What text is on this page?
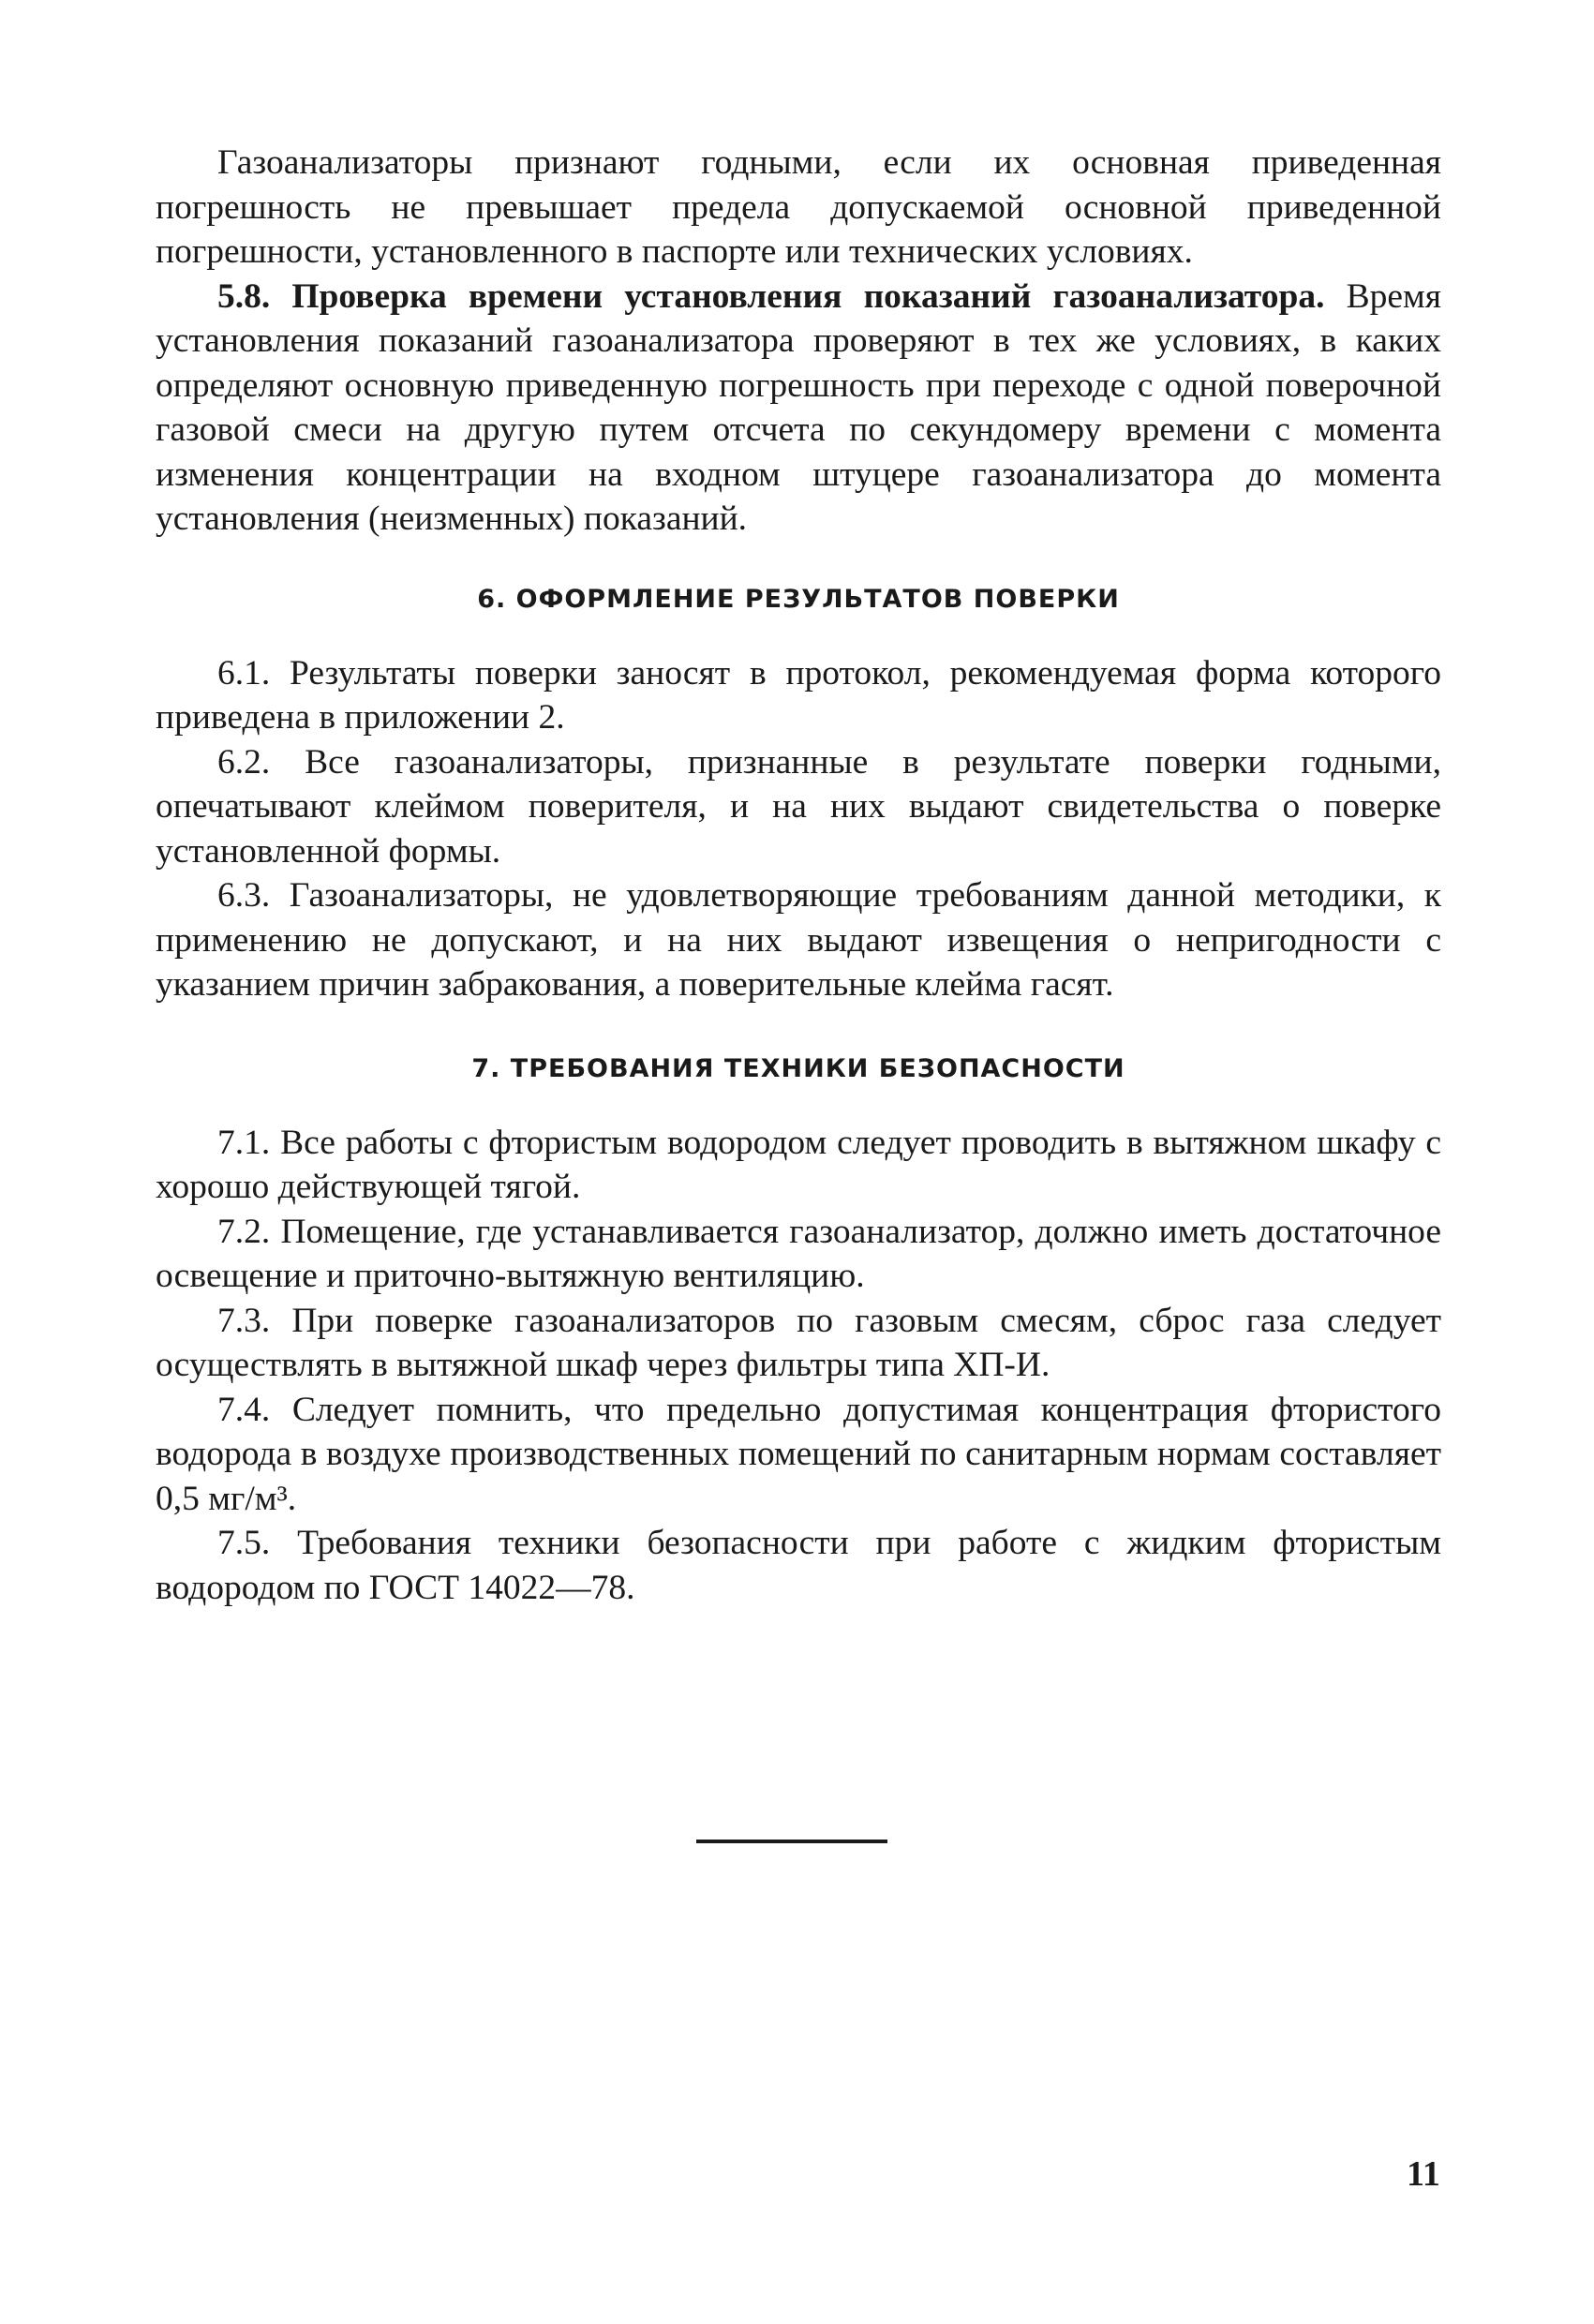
Газоанализаторы признают годными, если их основная приведенная погрешность не превышает предела допускаемой основной приведенной погрешности, установленного в паспорте или технических условиях.

5.8. Проверка времени установления показаний газоанализатора. Время установления показаний газоанализатора проверяют в тех же условиях, в каких определяют основную приведенную погрешность при переходе с одной поверочной газовой смеси на другую путем отсчета по секундомеру времени с момента изменения концентрации на входном штуцере газоанализатора до момента установления (неизменных) показаний.

6. ОФОРМЛЕНИЕ РЕЗУЛЬТАТОВ ПОВЕРКИ

6.1. Результаты поверки заносят в протокол, рекомендуемая форма которого приведена в приложении 2.

6.2. Все газоанализаторы, признанные в результате поверки годными, опечатывают клеймом поверителя, и на них выдают свидетельства о поверке установленной формы.

6.3. Газоанализаторы, не удовлетворяющие требованиям данной методики, к применению не допускают, и на них выдают извещения о непригодности с указанием причин забракования, а поверительные клейма гасят.

7. ТРЕБОВАНИЯ ТЕХНИКИ БЕЗОПАСНОСТИ

7.1. Все работы с фтористым водородом следует проводить в вытяжном шкафу с хорошо действующей тягой.

7.2. Помещение, где устанавливается газоанализатор, должно иметь достаточное освещение и приточно-вытяжную вентиляцию.

7.3. При поверке газоанализаторов по газовым смесям, сброс газа следует осуществлять в вытяжной шкаф через фильтры типа ХП-И.

7.4. Следует помнить, что предельно допустимая концентрация фтористого водорода в воздухе производственных помещений по санитарным нормам составляет 0,5 мг/м³.

7.5. Требования техники безопасности при работе с жидким фтористым водородом по ГОСТ 14022—78.

11
